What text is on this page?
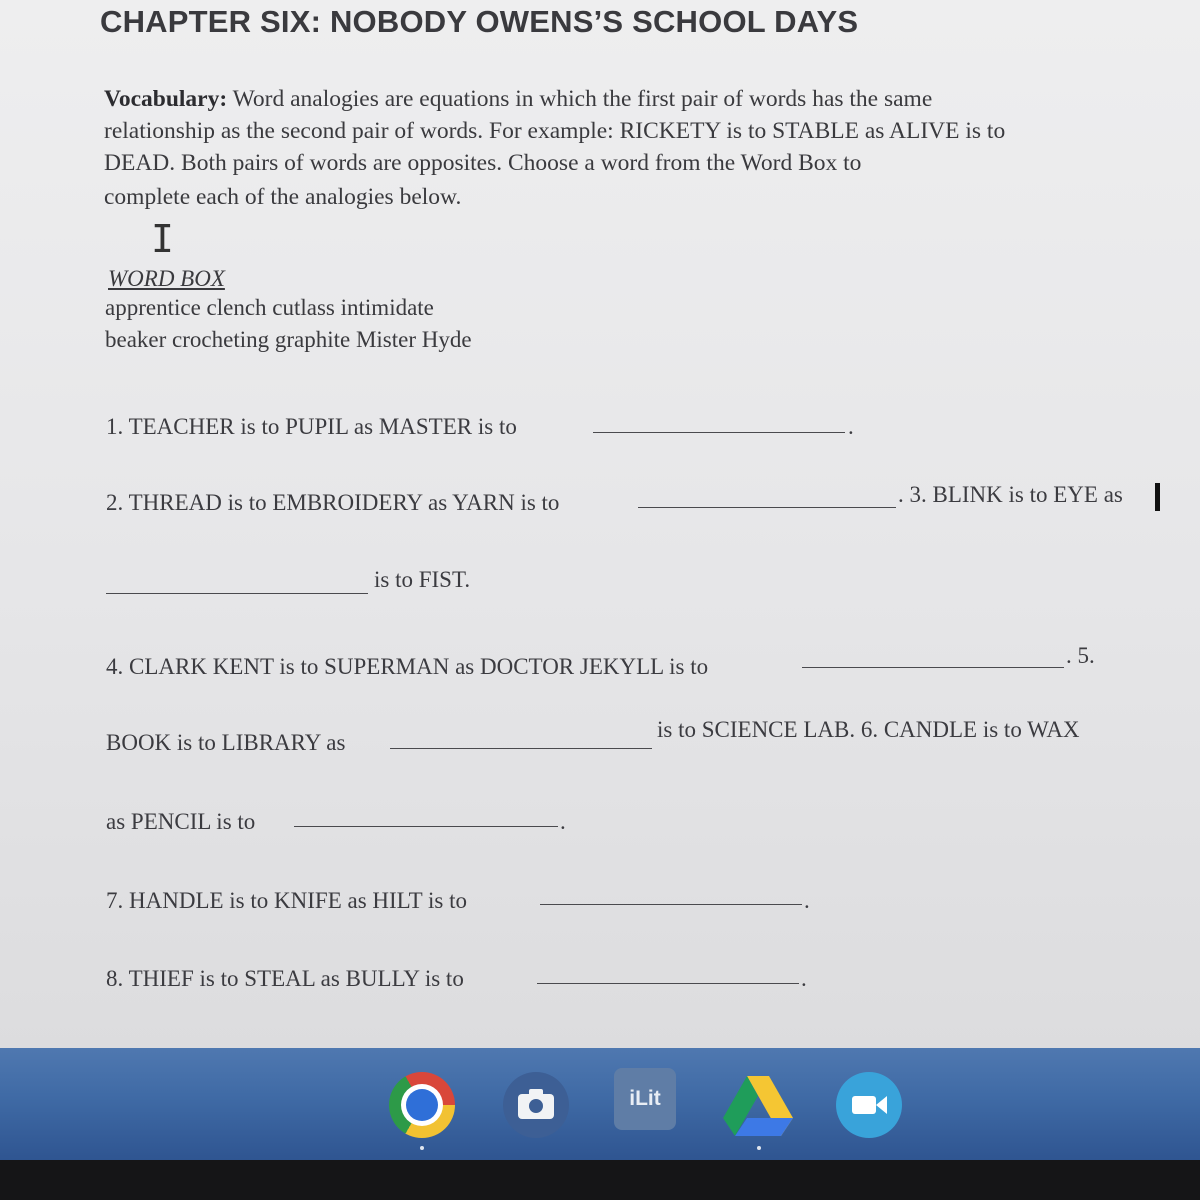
CHAPTER SIX: NOBODY OWENS’S SCHOOL DAYS
Vocabulary: Word analogies are equations in which the first pair of words has the same
relationship as the second pair of words. For example: RICKETY is to STABLE as ALIVE is to
DEAD. Both pairs of words are opposites. Choose a word from the Word Box to
complete each of the analogies below.
I
WORD BOX
apprentice clench cutlass intimidate
beaker crocheting graphite Mister Hyde
1. TEACHER is to PUPIL as MASTER is to	.
2. THREAD is to EMBROIDERY as YARN is to	. 3. BLINK is to EYE as
is to FIST.
4. CLARK KENT is to SUPERMAN as DOCTOR JEKYLL is to	. 5.
BOOK is to LIBRARY as
is to SCIENCE LAB. 6. CANDLE is to WAX
as PENCIL is to	.
7. HANDLE is to KNIFE as HILT is to	.
8. THIEF is to STEAL as BULLY is to	.
iLit
